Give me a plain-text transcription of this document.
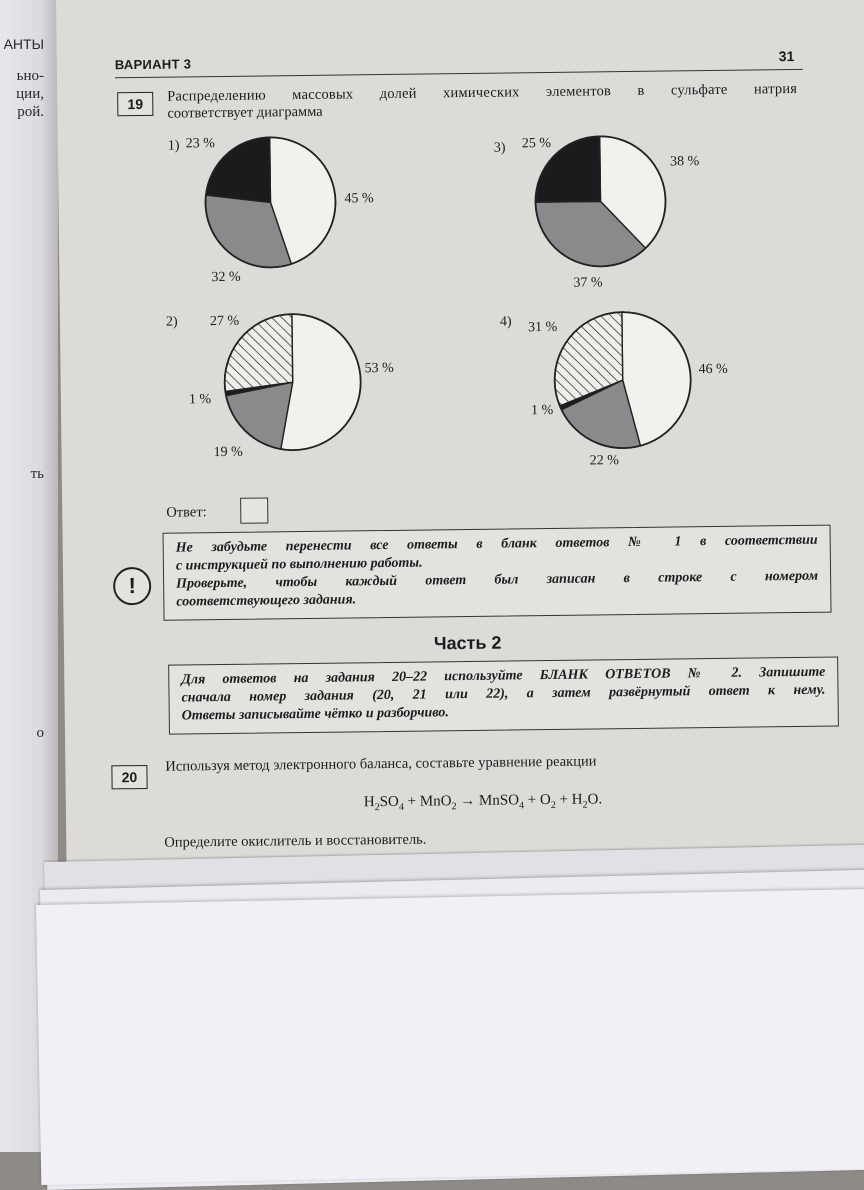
АНТЫ
ьно-
ции,
рой.
ть
о
ВАРИАНТ 3
31
19	Распределению массовых долей химических элементов в сульфате натрия
соответствует диаграмма
1)	3)
2)	4)
23 %
45 %
32 %
25 %
38 %
37 %
27 %
53 %
1 %
19 %
31 %
46 %
1 %
22 %
Ответ:
!
Не забудьте перенести все ответы в бланк ответов № 1 в соответствии
с инструкцией по выполнению работы.
Проверьте, чтобы каждый ответ был записан в строке с номером
соответствующего задания.
Часть 2
Для ответов на задания 20–22 используйте БЛАНК ОТВЕТОВ № 2. Запишите
сначала номер задания (20, 21 или 22), а затем развёрнутый ответ к нему.
Ответы записывайте чётко и разборчиво.
20
Используя метод электронного баланса, составьте уравнение реакции
$H_2SO_4 + MnO_2$ → MnSO$_4$ + $O_2 + H_2O$.
Определите окислитель и восстановитель.
